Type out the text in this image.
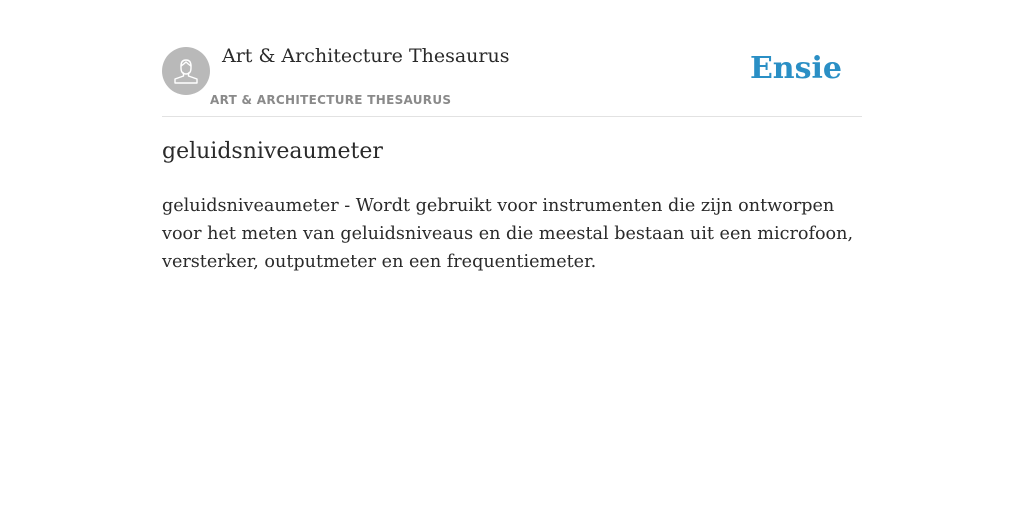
Art & Architecture Thesaurus
ART & ARCHITECTURE THESAURUS
Ensie
geluidsniveaumeter

geluidsniveaumeter - Wordt gebruikt voor instrumenten die zijn ontworpen voor het meten van geluidsniveaus en die meestal bestaan uit een microfoon, versterker, outputmeter en een frequentiemeter.
